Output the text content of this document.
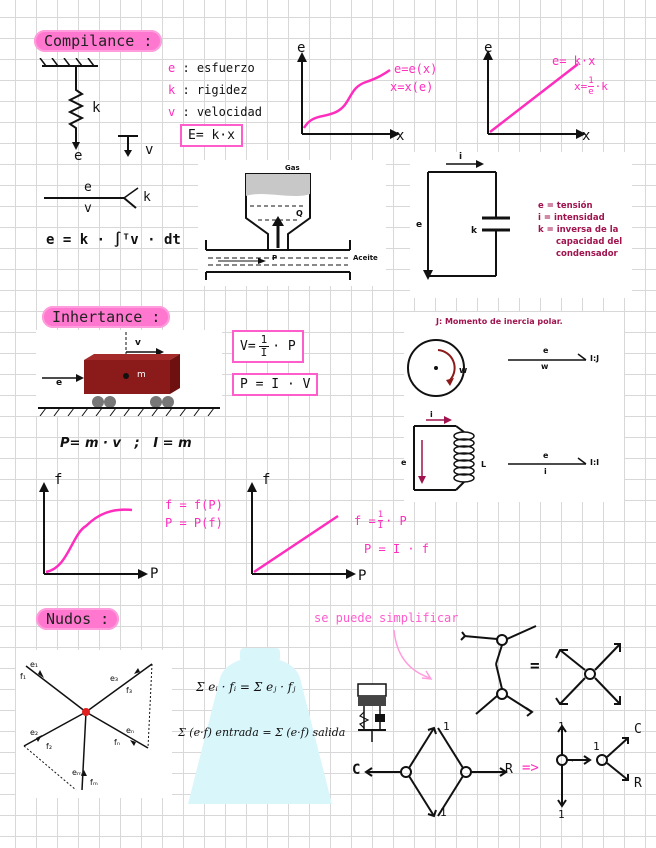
Compilance :
k
e	v
e : esfuerzo
k : rigidez
v : velocidad
E= k·x
e
x
e=e(x)
x=x(e)
e
x
e= k·x
$x= \frac{1}{e} \cdot k$
e
v
k
e = k · ∫ᵀv · dt
Gas
Q
P	Aceite
i
e
k
e = tensión
i = intensidad
k = inversa de la
capacidad del
condensador
Inhertance :
v
m
e
$V= \frac{1}{I} \cdot P$
P = I · V
P= m · v   ;   I = m
J: Momento de inercia polar.
w
e
w
I:J
i
e	L
e
i
I:I
f
P
f = f(P)
P = P(f)
f
P
$f = \frac{1}{I} \cdot P$
P = I · f
Nudos :	se puede simplificar
e₁
f₁
e₂
f₂
e₃
f₃
eₙ
fₙ
eₘ
fₘ
Σ eᵢ · fᵢ = Σ eⱼ · fⱼ
Σ (e·f) entrada = Σ (e·f) salida
·
=
C	R =>
C
R
1
1
1
1
1
